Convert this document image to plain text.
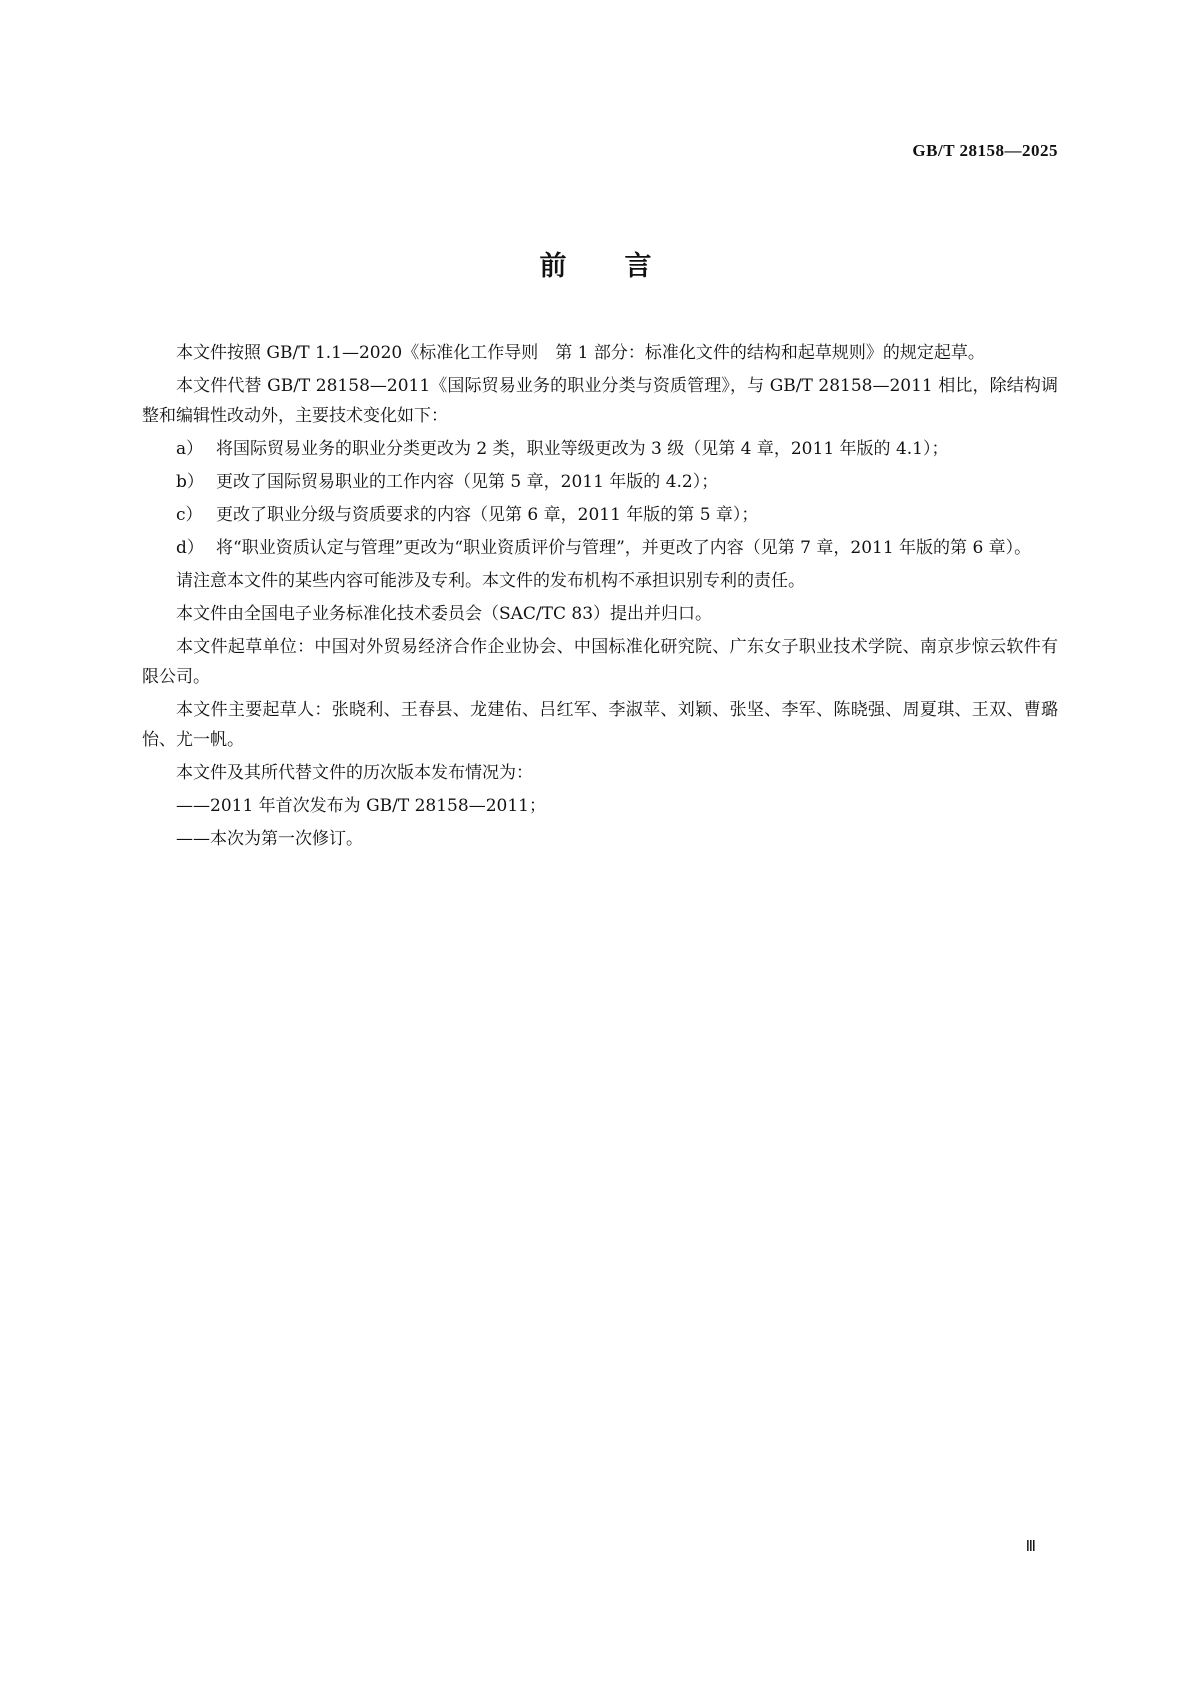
GB/T 28158—2025
前言

本文件按照 GB/T 1.1—2020《标准化工作导则　第 1 部分：标准化文件的结构和起草规则》的规定起草。

本文件代替 GB/T 28158—2011《国际贸易业务的职业分类与资质管理》，与 GB/T 28158—2011 相比，除结构调整和编辑性改动外，主要技术变化如下：

a） 将国际贸易业务的职业分类更改为 2 类，职业等级更改为 3 级（见第 4 章，2011 年版的 4.1）；
b） 更改了国际贸易职业的工作内容（见第 5 章，2011 年版的 4.2）；
c） 更改了职业分级与资质要求的内容（见第 6 章，2011 年版的第 5 章）；
d） 将“职业资质认定与管理”更改为“职业资质评价与管理”，并更改了内容（见第 7 章，2011 年版的第 6 章）。

请注意本文件的某些内容可能涉及专利。本文件的发布机构不承担识别专利的责任。

本文件由全国电子业务标准化技术委员会（SAC/TC 83）提出并归口。

本文件起草单位：中国对外贸易经济合作企业协会、中国标准化研究院、广东女子职业技术学院、南京步惊云软件有限公司。

本文件主要起草人：张晓利、王春县、龙建佑、吕红军、李淑苹、刘颖、张坚、李军、陈晓强、周夏琪、王双、曹璐怡、尤一帆。

本文件及其所代替文件的历次版本发布情况为：

——2011 年首次发布为 GB/T 28158—2011；
——本次为第一次修订。
Ⅲ
